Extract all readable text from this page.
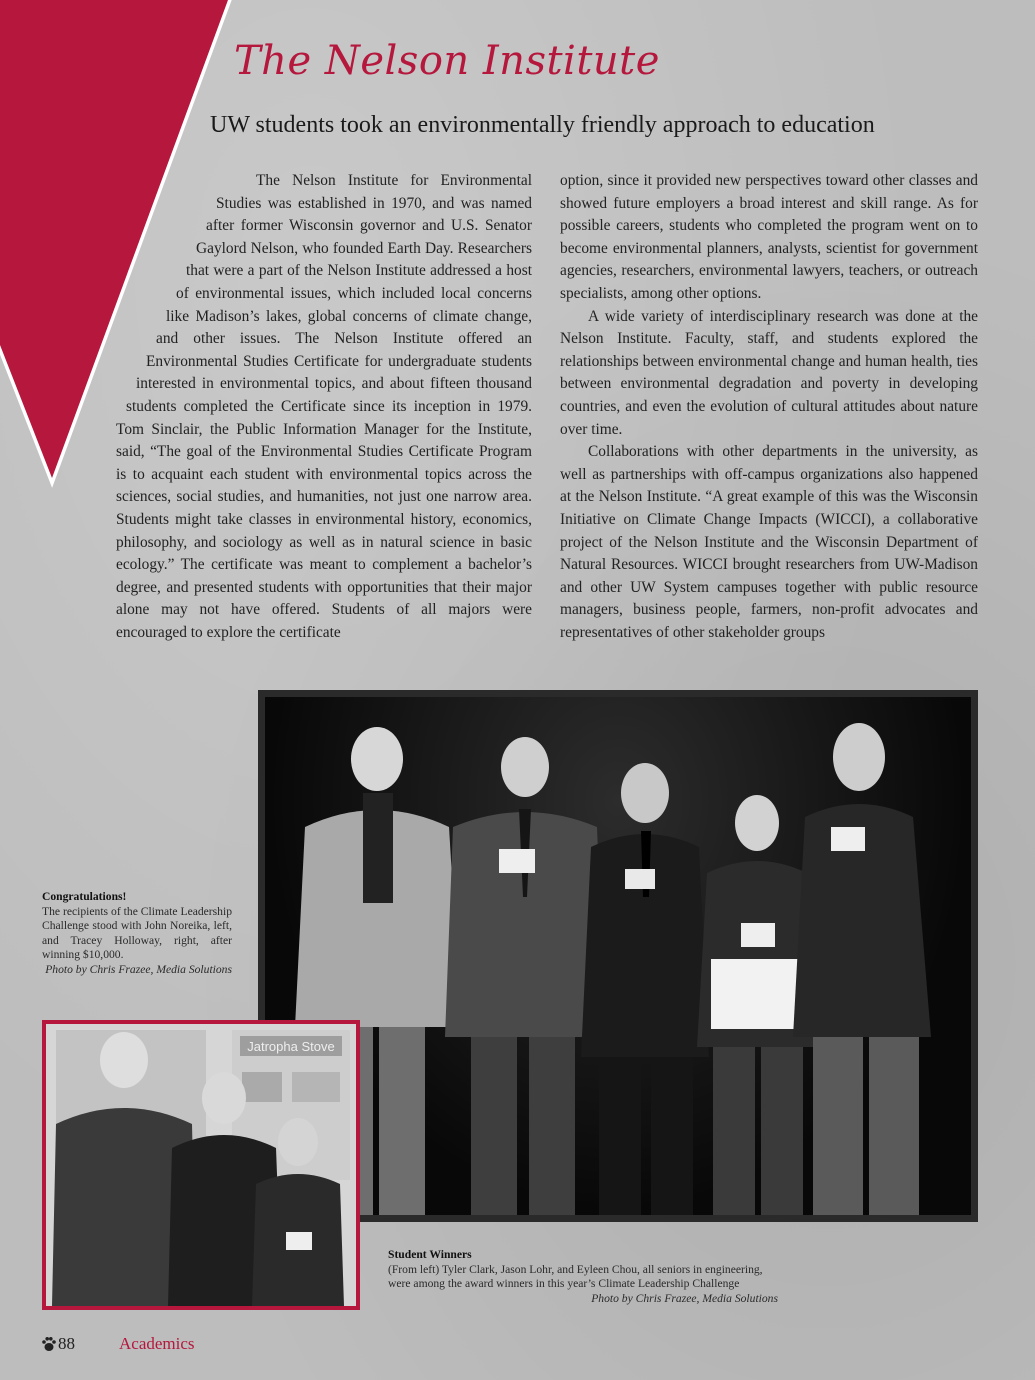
The Nelson Institute
UW students took an environmentally friendly approach to education

The Nelson Institute for Environmental Studies was established in 1970, and was named after former Wisconsin governor and U.S. Senator Gaylord Nelson, who founded Earth Day. Researchers that were a part of the Nelson Institute addressed a host of environmental issues, which included local concerns like Madison’s lakes, global concerns of climate change, and other issues. The Nelson Institute offered an Environmental Studies Certificate for undergraduate students interested in environmental topics, and about fifteen thousand students completed the Certificate since its inception in 1979. Tom Sinclair, the Public Information Manager for the Institute, said, “The goal of the Environmental Studies Certificate Program is to acquaint each student with environmental topics across the sciences, social studies, and humanities, not just one narrow area. Students might take classes in environmental history, economics, philosophy, and sociology as well as in natural science in basic ecology.” The certificate was meant to complement a bachelor’s degree, and presented students with opportunities that their major alone may not have offered. Students of all majors were encouraged to explore the certificate

option, since it provided new perspectives toward other classes and showed future employers a broad interest and skill range. As for possible careers, students who completed the program went on to become environmental planners, analysts, scientist for government agencies, researchers, environmental lawyers, teachers, or outreach specialists, among other options.

A wide variety of interdisciplinary research was done at the Nelson Institute. Faculty, staff, and students explored the relationships between environmental change and human health, ties between environmental degradation and poverty in developing countries, and even the evolution of cultural attitudes about nature over time.

Collaborations with other departments in the university, as well as partnerships with off-campus organizations also happened at the Nelson Institute. “A great example of this was the Wisconsin Initiative on Climate Change Impacts (WICCI), a collaborative project of the Nelson Institute and the Wisconsin Department of Natural Resources. WICCI brought researchers from UW-Madison and other UW System campuses together with public resource managers, business people, farmers, non-profit advocates and representatives of other stakeholder groups

Jatropha Stove
Congratulations!
The recipients of the Climate Leadership Challenge stood with John Noreika, left, and Tracey Holloway, right, after winning $10,000.
Photo by Chris Frazee, Media Solutions
Student Winners
(From left) Tyler Clark, Jason Lohr, and Eyleen Chou, all seniors in engineering, were among the award winners in this year’s Climate Leadership Challenge
Photo by Chris Frazee, Media Solutions
88	Academics
